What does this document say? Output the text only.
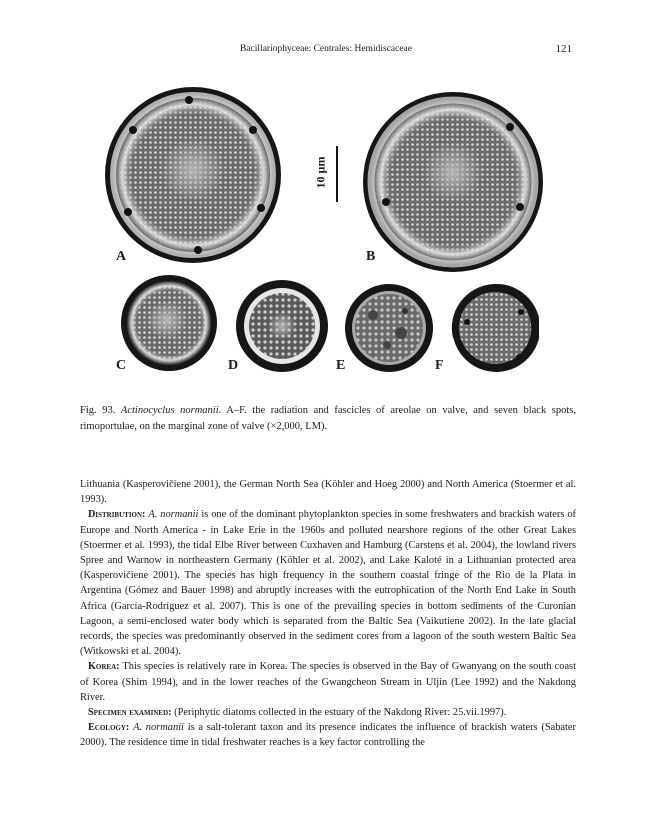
Bacillariophyceae: Centrales: Hemidiscaceae	121
A	B
10 µm
C	D	E	F
Fig. 93. Actinocyclus normanii. A–F. the radiation and fascicles of areolae on valve, and seven black spots, rimoportulae, on the marginal zone of valve (×2,000, LM).

Lithuania (Kasperovičiene 2001), the German North Sea (Köhler and Hoeg 2000) and North America (Stoermer et al. 1993).

Distribution: A. normanii is one of the dominant phytoplankton species in some freshwaters and brackish waters of Europe and North America - in Lake Erie in the 1960s and polluted nearshore regions of the other Great Lakes (Stoermer et al. 1993), the tidal Elbe River between Cuxhaven and Hamburg (Carstens et al. 2004), the lowland rivers Spree and Warnow in northeastern Germany (Köhler et al. 2002), and Lake Kaloté in a Lithuanian protected area (Kasperovičiene 2001). The species has high frequency in the southern coastal fringe of the Rio de la Plata in Argentina (Gómez and Bauer 1998) and abruptly increases with the eutrophication of the North End Lake in South Africa (García-Rodríguez et al. 2007). This is one of the prevailing species in bottom sediments of the Curonian Lagoon, a semi-enclosed water body which is separated from the Baltic Sea (Vaikutiene 2002). In the late glacial records, the species was predominantly observed in the sediment cores from a lagoon of the south western Baltic Sea (Witkowski et al. 2004).

Korea: This species is relatively rare in Korea. The species is observed in the Bay of Gwanyang on the south coast of Korea (Shim 1994), and in the lower reaches of the Gwangcheon Stream in Uljin (Lee 1992) and the Nakdong River.

Specimen examined: (Periphytic diatoms collected in the estuary of the Nakdong River: 25.vii.1997).

Ecology: A. normanii is a salt-tolerant taxon and its presence indicates the influence of brackish waters (Sabater 2000). The residence time in tidal freshwater reaches is a key factor controlling the
